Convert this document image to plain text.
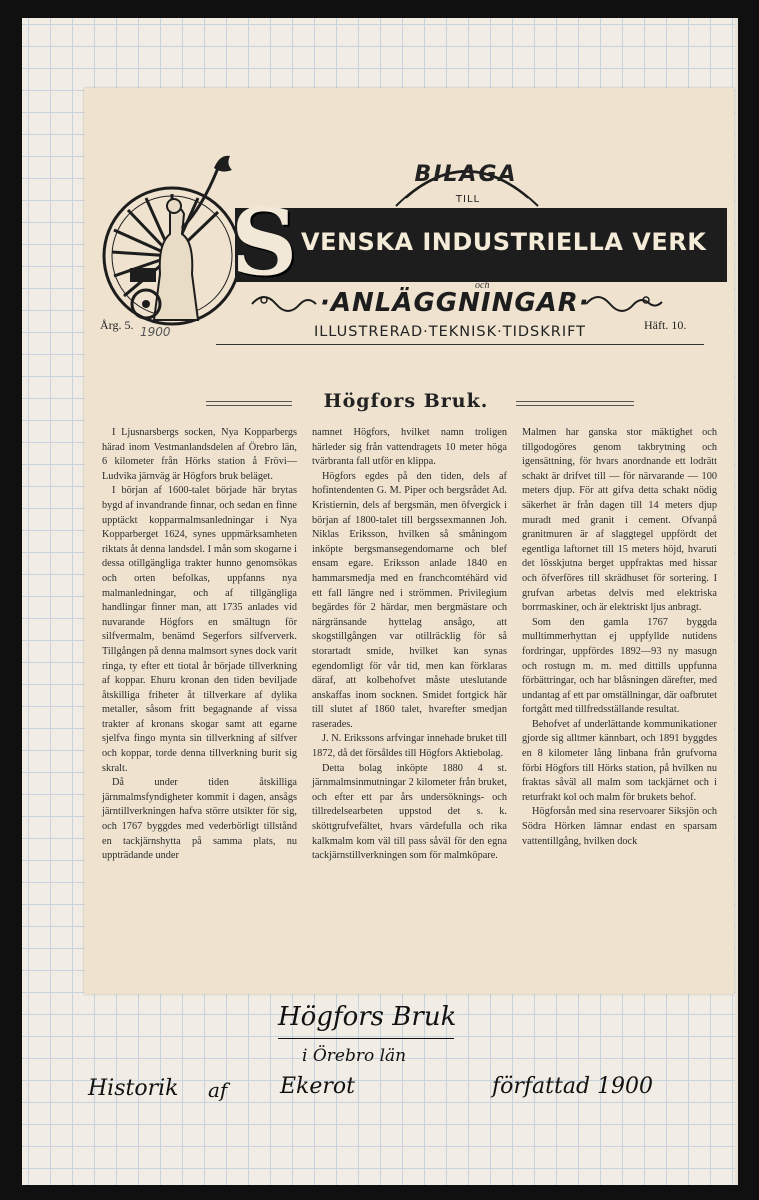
BILAGA
TILL
S VENSKA INDUSTRIELLA VERK
och
·ANLÄGGNINGAR·
Årg. 5. 1900	ILLUSTRERAD·TEKNISK·TIDSKRIFT	Häft. 10.
Högfors Bruk.

I Ljusnarsbergs socken, Nya Kopparbergs härad inom Vestmanlandsdelen af Örebro län, 6 kilometer från Hörks station å Frövi—Ludvika järnväg är Högfors bruk beläget.

I början af 1600-talet började här brytas bygd af invandrande finnar, och sedan en finne upptäckt kopparmalmsanledningar i Nya Kopparberget 1624, synes uppmärksamheten riktats åt denna landsdel. I mån som skogarne i dessa otillgängliga trakter hunno genomsökas och orten befolkas, uppfanns nya malmanledningar, och af tillgängliga handlingar finner man, att 1735 anlades vid nuvarande Högfors en smältugn för silfvermalm, benämd Segerfors silfververk. Tillgången på denna malmsort synes dock varit ringa, ty efter ett tiotal år började tillverkning af koppar. Ehuru kronan den tiden beviljade åtskilliga friheter åt tillverkare af dylika metaller, såsom fritt begagnande af vissa trakter af kronans skogar samt att egarne sjelfva fingo mynta sin tillverkning af silfver och koppar, torde denna tillverkning burit sig skralt.

Då under tiden åtskilliga järnmalmsfyndigheter kommit i dagen, ansågs järntillverkningen hafva större utsikter för sig, och 1767 byggdes med vederbörligt tillstånd en tackjärnshytta på samma plats, nu uppträdande under

namnet Högfors, hvilket namn troligen härleder sig från vattendragets 10 meter höga tvärbranta fall utför en klippa.

Högfors egdes på den tiden, dels af hofintendenten G. M. Piper och bergsrådet Ad. Kristiernin, dels af bergsmän, men öfvergick i början af 1800-talet till bergssexmannen Joh. Niklas Eriksson, hvilken så småningom inköpte bergsmansegendomarne och blef ensam egare. Eriksson anlade 1840 en hammarsmedja med en franchcomtéhärd vid ett fall längre ned i strömmen. Privilegium begärdes för 2 härdar, men bergmästare och närgränsande hyttelag ansågo, att skogstillgången var otillräcklig för så storartadt smide, hvilket kan synas egendomligt för vår tid, men kan förklaras däraf, att kolbehofvet måste uteslutande anskaffas inom socknen. Smidet fortgick här till slutet af 1860 talet, hvarefter smedjan raserades.

J. N. Erikssons arfvingar innehade bruket till 1872, då det försåldes till Högfors Aktiebolag.

Detta bolag inköpte 1880 4 st. järnmalmsinmutningar 2 kilometer från bruket, och efter ett par års undersöknings- och tillredelsearbeten uppstod det s. k. sköttgrufvefältet, hvars värdefulla och rika kalkmalm kom väl till pass såväl för den egna tackjärnstillverkningen som för malmköpare.

Malmen har ganska stor mäktighet och tillgodogöres genom takbrytning och igensättning, för hvars anordnande ett lodrätt schakt är drifvet till — för närvarande — 100 meters djup. För att gifva detta schakt nödig säkerhet är från dagen till 14 meters djup muradt med granit i cement. Ofvanpå granitmuren är af slaggtegel uppfördt det egentliga laftornet till 15 meters höjd, hvaruti det lösskjutna berget uppfraktas med hissar och öfverföres till skrädhuset för sortering. I grufvan arbetas delvis med elektriska borrmaskiner, och är elektriskt ljus anbragt.

Som den gamla 1767 byggda mulltimmerhyttan ej uppfyllde nutidens fordringar, uppfördes 1892—93 ny masugn och rostugn m. m. med dittills uppfunna förbättringar, och har blåsningen därefter, med undantag af ett par omställningar, där oafbrutet fortgått med tillfredsställande resultat.

Behofvet af underlättande kommunikationer gjorde sig alltmer kännbart, och 1891 byggdes en 8 kilometer lång linbana från grufvorna förbi Högfors till Hörks station, på hvilken nu fraktas såväl all malm som tackjärnet och i returfrakt kol och malm för brukets behof.

Högforsån med sina reservoarer Siksjön och Södra Hörken lämnar endast en sparsam vattentillgång, hvilken dock

Högfors Bruk
i Örebro län
Historik af Ekerot	författad 1900
